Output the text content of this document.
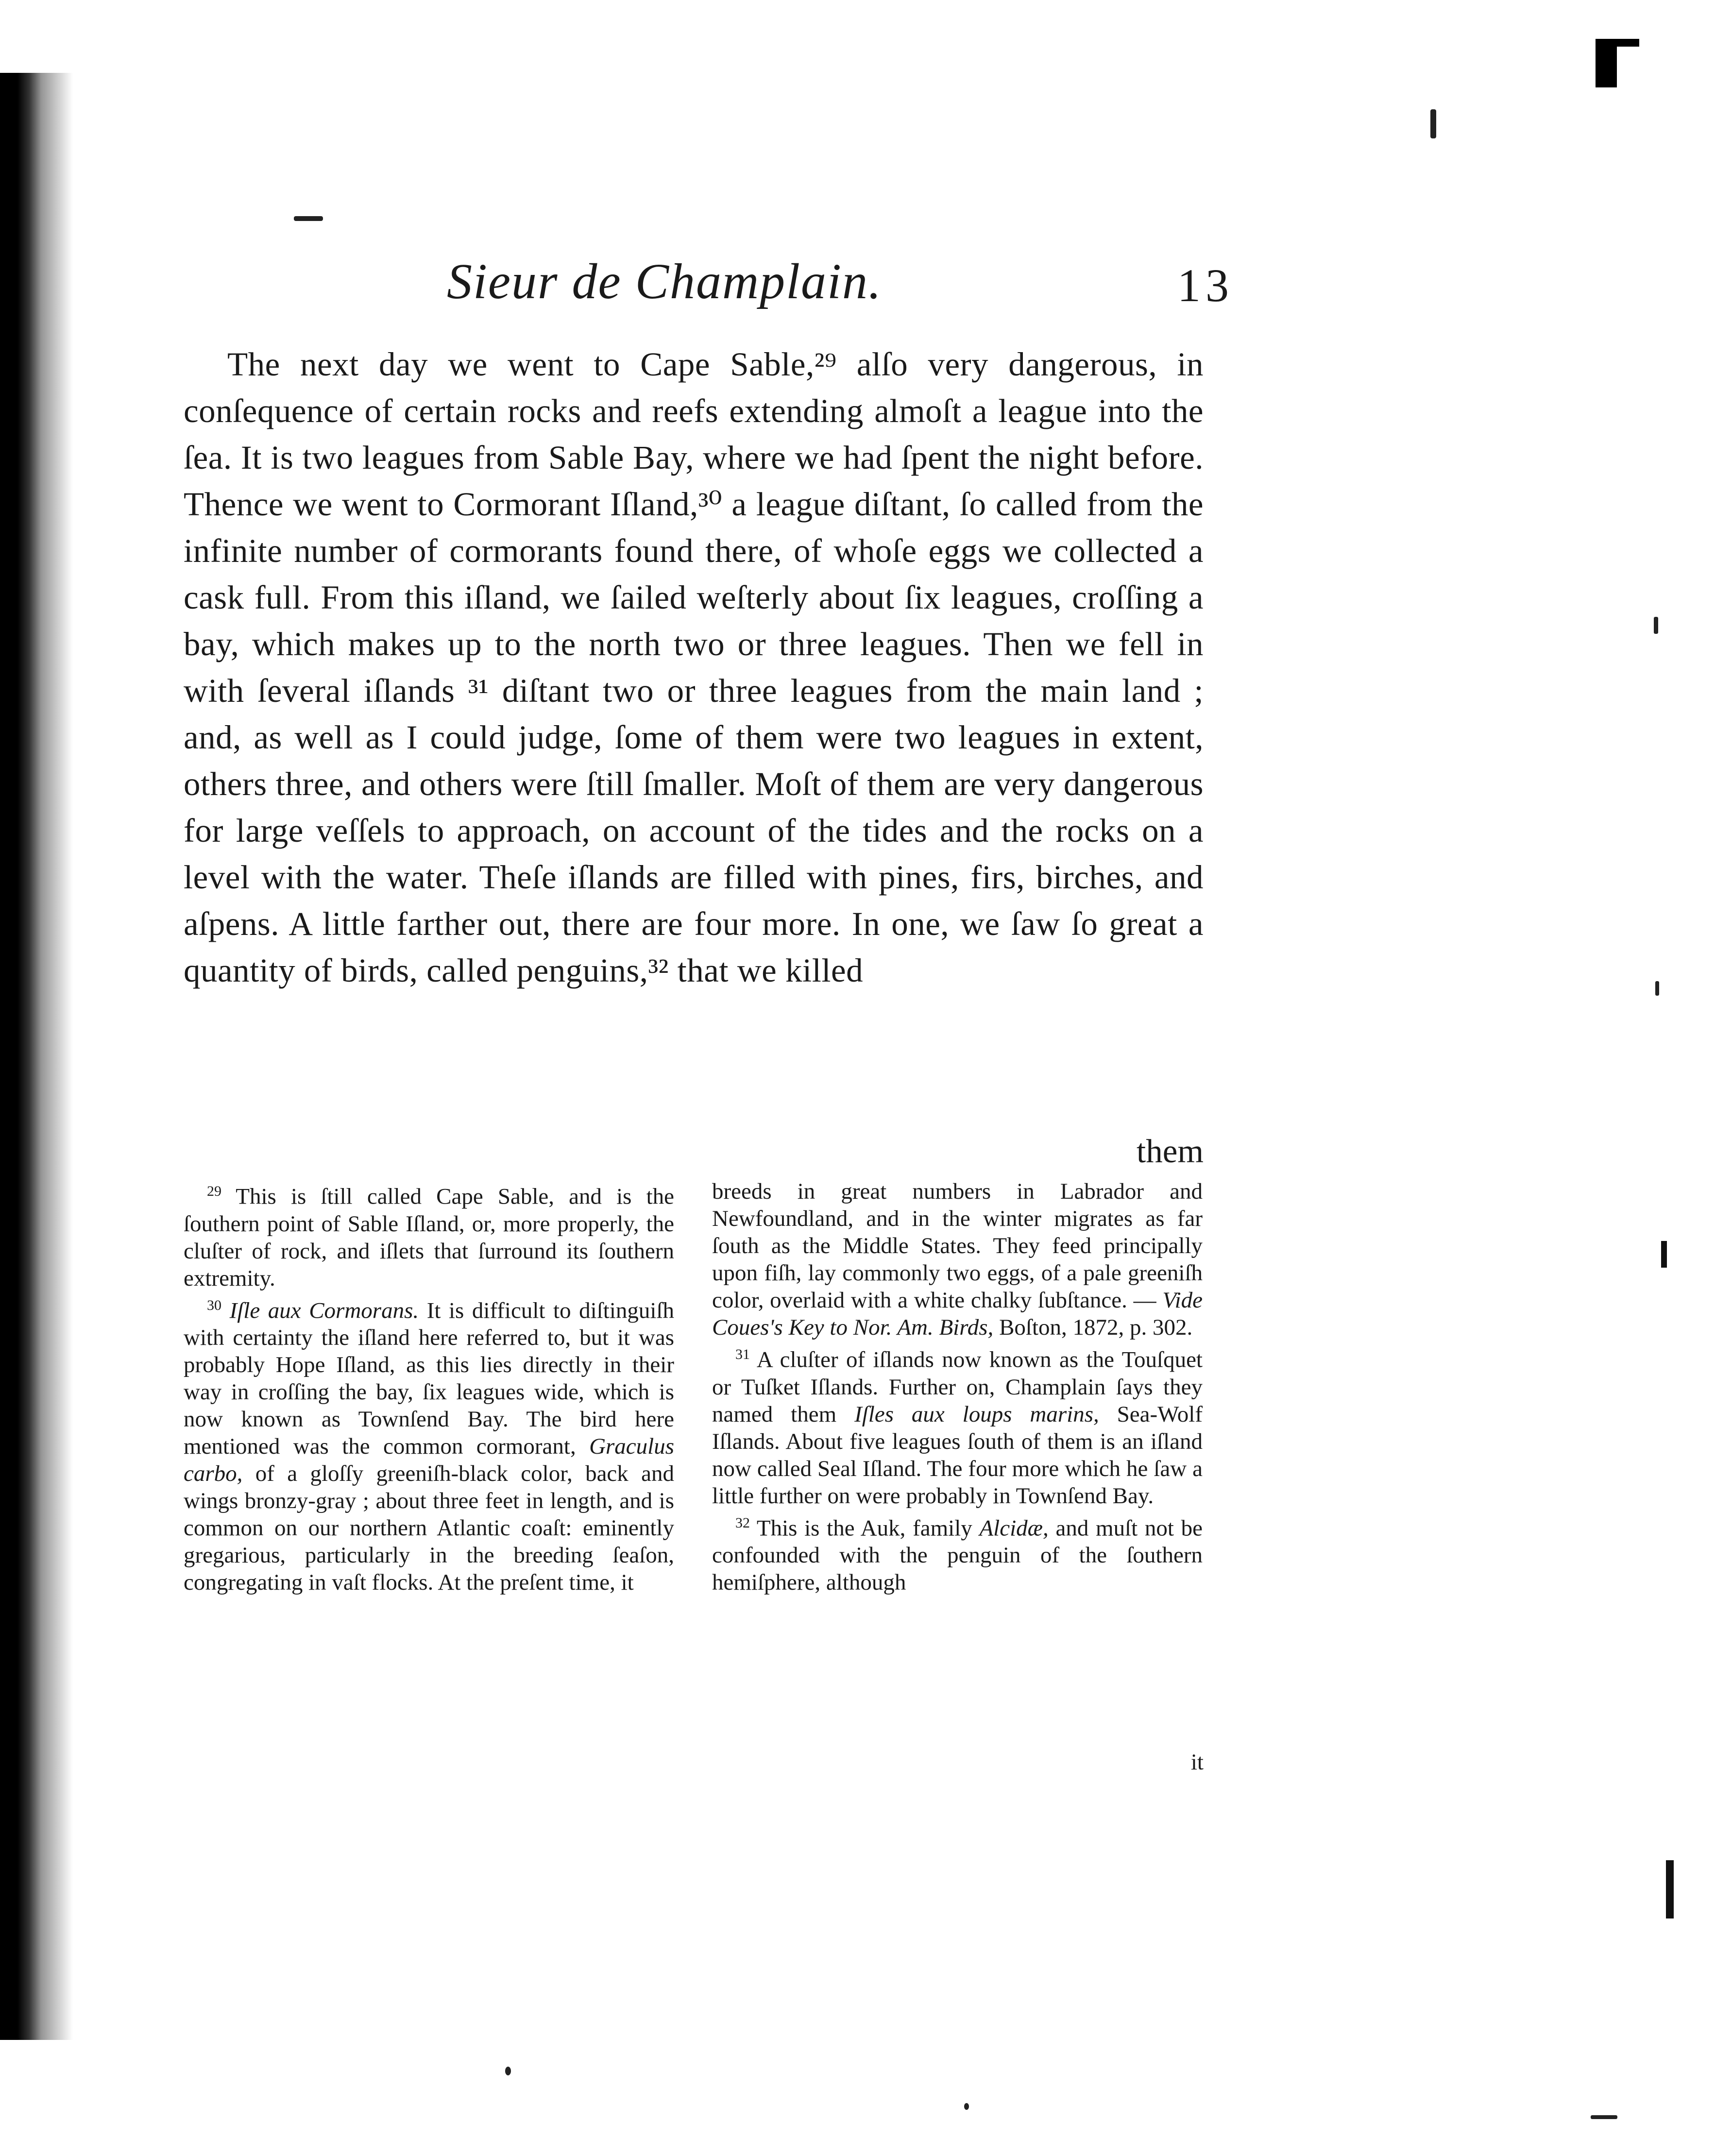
Sieur de Champlain.	13

The next day we went to Cape Sable,²⁹ alſo very dangerous, in conſequence of certain rocks and reefs extending almoſt a league into the ſea. It is two leagues from Sable Bay, where we had ſpent the night before. Thence we went to Cormorant Iſland,³⁰ a league diſtant, ſo called from the infinite number of cormorants found there, of whoſe eggs we collected a cask full. From this iſland, we ſailed weſterly about ſix leagues, croſſing a bay, which makes up to the north two or three leagues. Then we fell in with ſeveral iſlands ³¹ diſtant two or three leagues from the main land ; and, as well as I could judge, ſome of them were two leagues in extent, others three, and others were ſtill ſmaller. Moſt of them are very dangerous for large veſſels to approach, on account of the tides and the rocks on a level with the water. Theſe iſlands are filled with pines, firs, birches, and aſpens. A little farther out, there are four more. In one, we ſaw ſo great a quantity of birds, called penguins,³² that we killed

them

$^{29}$ This is ſtill called Cape Sable, and is the ſouthern point of Sable Iſland, or, more properly, the cluſter of rock, and iſlets that ſurround its ſouthern extremity.

$^{30}$ Iſle aux Cormorans. It is difficult to diſtinguiſh with certainty the iſland here referred to, but it was probably Hope Iſland, as this lies directly in their way in croſſing the bay, ſix leagues wide, which is now known as Townſend Bay. The bird here mentioned was the common cormorant, Graculus carbo, of a gloſſy greeniſh-black color, back and wings bronzy-gray ; about three feet in length, and is common on our northern Atlantic coaſt: eminently gregarious, particularly in the breeding ſeaſon, congregating in vaſt flocks. At the preſent time, it

breeds in great numbers in Labrador and Newfoundland, and in the winter migrates as far ſouth as the Middle States. They feed principally upon fiſh, lay commonly two eggs, of a pale greeniſh color, overlaid with a white chalky ſubſtance. — Vide Coues's Key to Nor. Am. Birds, Boſton, 1872, p. 302.

$^{31}$ A cluſter of iſlands now known as the Touſquet or Tuſket Iſlands. Further on, Champlain ſays they named them Iſles aux loups marins, Sea-Wolf Iſlands. About five leagues ſouth of them is an iſland now called Seal Iſland. The four more which he ſaw a little further on were probably in Townſend Bay.

$^{32}$ This is the Auk, family Alcidæ, and muſt not be confounded with the penguin of the ſouthern hemiſphere, although

it
